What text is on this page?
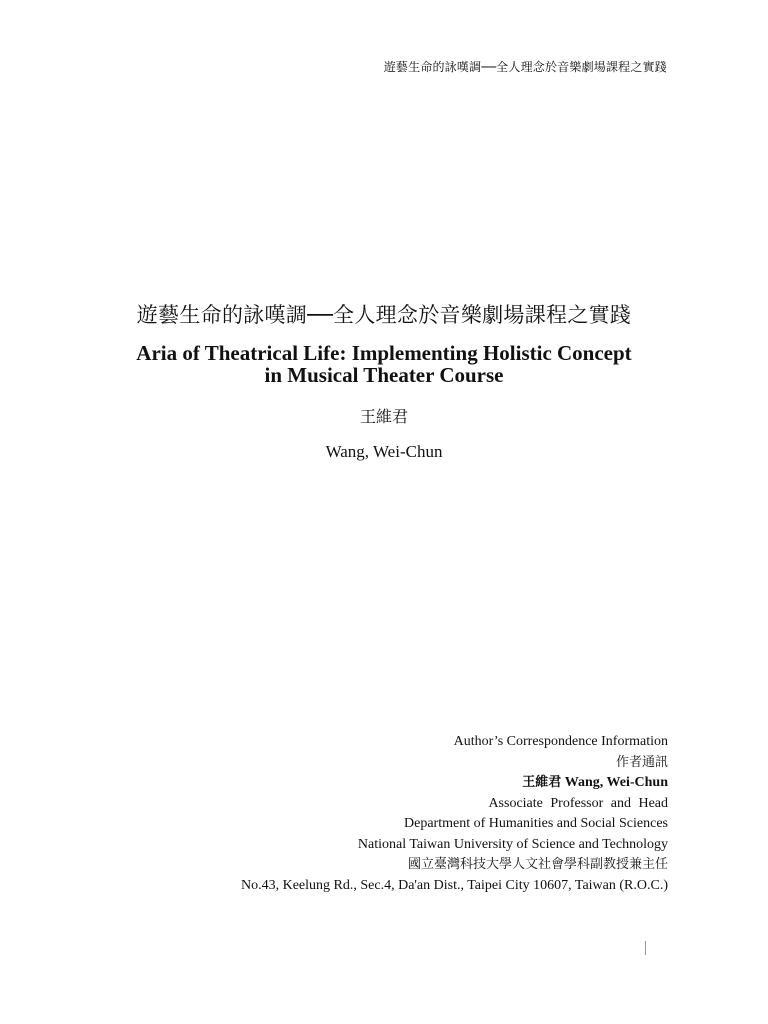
遊藝生命的詠嘆調──全人理念於音樂劇場課程之實踐
遊藝生命的詠嘆調──全人理念於音樂劇場課程之實踐
Aria of Theatrical Life: Implementing Holistic Concept
in Musical Theater Course
王維君
Wang, Wei-Chun
Author’s Correspondence Information
作者通訊
王維君 Wang, Wei-Chun
Associate Professor and Head
Department of Humanities and Social Sciences
National Taiwan University of Science and Technology
國立臺灣科技大學人文社會學科副教授兼主任
No.43, Keelung Rd., Sec.4, Da'an Dist., Taipei City 10607, Taiwan (R.O.C.)
